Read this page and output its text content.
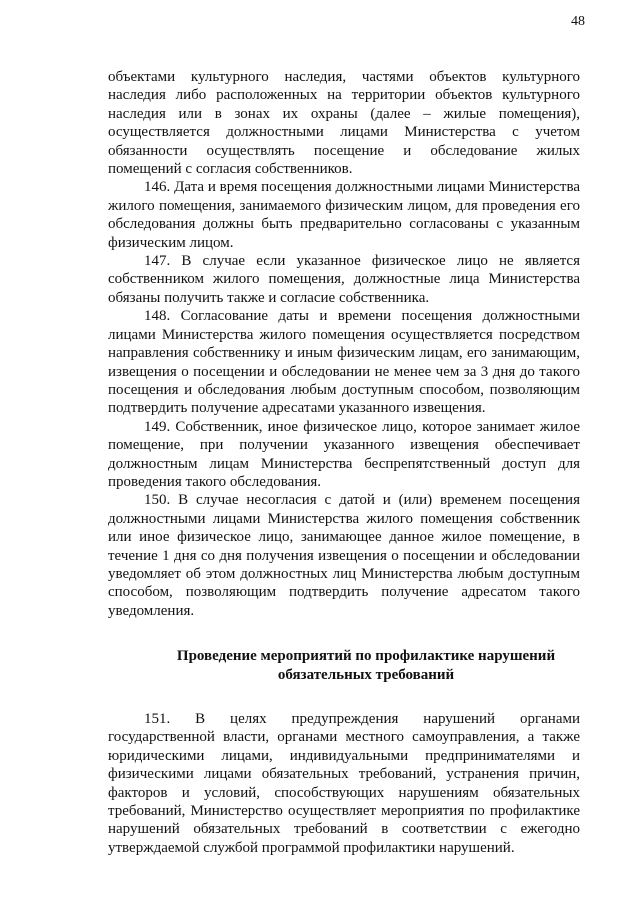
48

объектами культурного наследия, частями объектов культурного наследия либо расположенных на территории объектов культурного наследия или в зонах их охраны (далее – жилые помещения), осуществляется должностными лицами Министерства с учетом обязанности осуществлять посещение и обследование жилых помещений с согласия собственников.

146. Дата и время посещения должностными лицами Министерства жилого помещения, занимаемого физическим лицом, для проведения его обследования должны быть предварительно согласованы с указанным физическим лицом.

147. В случае если указанное физическое лицо не является собственником жилого помещения, должностные лица Министерства обязаны получить также и согласие собственника.

148. Согласование даты и времени посещения должностными лицами Министерства жилого помещения осуществляется посредством направления собственнику и иным физическим лицам, его занимающим, извещения о посещении и обследовании не менее чем за 3 дня до такого посещения и обследования любым доступным способом, позволяющим подтвердить получение адресатами указанного извещения.

149. Собственник, иное физическое лицо, которое занимает жилое помещение, при получении указанного извещения обеспечивает должностным лицам Министерства беспрепятственный доступ для проведения такого обследования.

150. В случае несогласия с датой и (или) временем посещения должностными лицами Министерства жилого помещения собственник или иное физическое лицо, занимающее данное жилое помещение, в течение 1 дня со дня получения извещения о посещении и обследовании уведомляет об этом должностных лиц Министерства любым доступным способом, позволяющим подтвердить получение адресатом такого уведомления.

Проведение мероприятий по профилактике нарушений
обязательных требований

151. В целях предупреждения нарушений органами государственной власти, органами местного самоуправления, а также юридическими лицами, индивидуальными предпринимателями и физическими лицами обязательных требований, устранения причин, факторов и условий, способствующих нарушениям обязательных требований, Министерство осуществляет мероприятия по профилактике нарушений обязательных требований в соответствии с ежегодно утверждаемой службой программой профилактики нарушений.
